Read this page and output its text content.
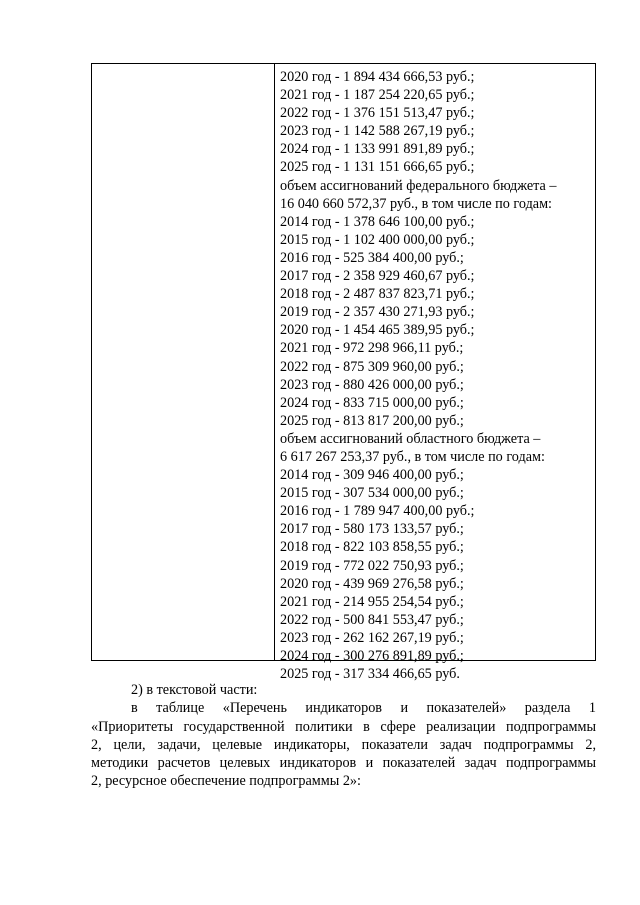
2020 год - 1 894 434 666,53 руб.;
2021 год - 1 187 254 220,65 руб.;
2022 год - 1 376 151 513,47 руб.;
2023 год - 1 142 588 267,19 руб.;
2024 год - 1 133 991 891,89 руб.;
2025 год - 1 131 151 666,65 руб.;
объем ассигнований федерального бюджета –
16 040 660 572,37 руб., в том числе по годам:
2014 год - 1 378 646 100,00 руб.;
2015 год - 1 102 400 000,00 руб.;
2016 год - 525 384 400,00 руб.;
2017 год - 2 358 929 460,67 руб.;
2018 год - 2 487 837 823,71 руб.;
2019 год - 2 357 430 271,93 руб.;
2020 год - 1 454 465 389,95 руб.;
2021 год - 972 298 966,11 руб.;
2022 год - 875 309 960,00 руб.;
2023 год - 880 426 000,00 руб.;
2024 год - 833 715 000,00 руб.;
2025 год - 813 817 200,00 руб.;
объем ассигнований областного бюджета –
6 617 267 253,37 руб., в том числе по годам:
2014 год - 309 946 400,00 руб.;
2015 год - 307 534 000,00 руб.;
2016 год - 1 789 947 400,00 руб.;
2017 год - 580 173 133,57 руб.;
2018 год - 822 103 858,55 руб.;
2019 год - 772 022 750,93 руб.;
2020 год - 439 969 276,58 руб.;
2021 год - 214 955 254,54 руб.;
2022 год - 500 841 553,47 руб.;
2023 год - 262 162 267,19 руб.;
2024 год - 300 276 891,89 руб.;
2025 год - 317 334 466,65 руб.
2) в текстовой части:
в таблице «Перечень индикаторов и показателей» раздела 1
«Приоритеты государственной политики в сфере реализации подпрограммы
2, цели, задачи, целевые индикаторы, показатели задач подпрограммы 2,
методики расчетов целевых индикаторов и показателей задач подпрограммы
2, ресурсное обеспечение подпрограммы 2»:
